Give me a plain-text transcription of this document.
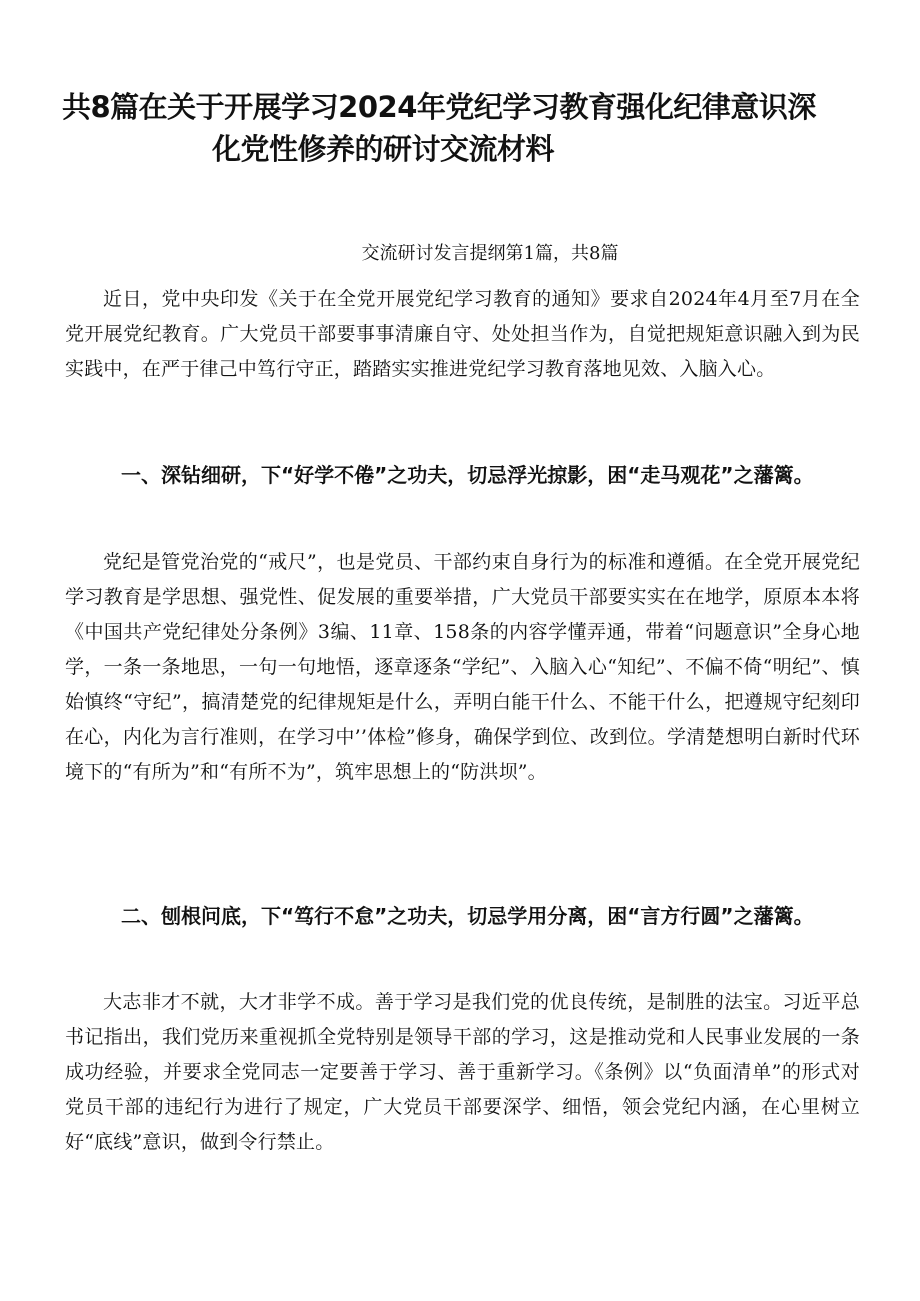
共8篇在关于开展学习2024年党纪学习教育强化纪律意识深
化党性修养的研讨交流材料

交流研讨发言提纲第1篇，共8篇

近日，党中央印发《关于在全党开展党纪学习教育的通知》要求自2024年4月至7月在全党开展党纪教育。广大党员干部要事事清廉自守、处处担当作为，自觉把规矩意识融入到为民实践中，在严于律己中笃行守正，踏踏实实推进党纪学习教育落地见效、入脑入心。

一、深钻细研，下“好学不倦”之功夫，切忌浮光掠影，困“走马观花”之藩篱。

党纪是管党治党的“戒尺”，也是党员、干部约束自身行为的标准和遵循。在全党开展党纪学习教育是学思想、强党性、促发展的重要举措，广大党员干部要实实在在地学，原原本本将《中国共产党纪律处分条例》3编、11章、158条的内容学懂弄通，带着“问题意识”全身心地学，一条一条地思，一句一句地悟，逐章逐条“学纪”、入脑入心“知纪”、不偏不倚“明纪”、慎始慎终“守纪”，搞清楚党的纪律规矩是什么，弄明白能干什么、不能干什么，把遵规守纪刻印在心，内化为言行准则，在学习中’’体检”修身，确保学到位、改到位。学清楚想明白新时代环境下的“有所为”和“有所不为”，筑牢思想上的“防洪坝”。

二、刨根问底，下“笃行不怠”之功夫，切忌学用分离，困“言方行圆”之藩篱。

大志非才不就，大才非学不成。善于学习是我们党的优良传统，是制胜的法宝。习近平总书记指出，我们党历来重视抓全党特别是领导干部的学习，这是推动党和人民事业发展的一条成功经验，并要求全党同志一定要善于学习、善于重新学习。《条例》以“负面清单”的形式对党员干部的违纪行为进行了规定，广大党员干部要深学、细悟，领会党纪内涵，在心里树立好“底线”意识，做到令行禁止。
